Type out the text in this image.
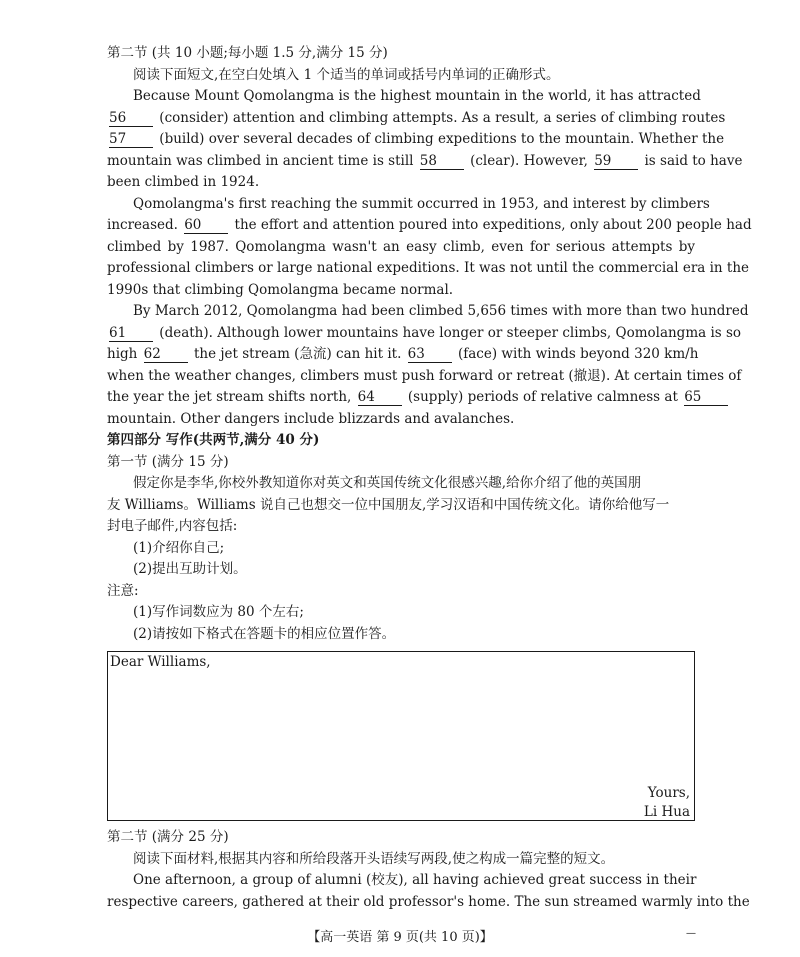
第二节 (共 10 小题;每小题 1.5 分,满分 15 分)
阅读下面短文,在空白处填入 1 个适当的单词或括号内单词的正确形式。
Because Mount Qomolangma is the highest mountain in the world, it has attracted
56 (consider) attention and climbing attempts. As a result, a series of climbing routes
57 (build) over several decades of climbing expeditions to the mountain. Whether the
mountain was climbed in ancient time is still 58 (clear). However, 59 is said to have
been climbed in 1924.
Qomolangma's first reaching the summit occurred in 1953, and interest by climbers
increased. 60 the effort and attention poured into expeditions, only about 200 people had
climbed by 1987. Qomolangma wasn't an easy climb, even for serious attempts by
professional climbers or large national expeditions. It was not until the commercial era in the
1990s that climbing Qomolangma became normal.
By March 2012, Qomolangma had been climbed 5,656 times with more than two hundred
61 (death). Although lower mountains have longer or steeper climbs, Qomolangma is so
high 62 the jet stream (急流) can hit it. 63 (face) with winds beyond 320 km/h
when the weather changes, climbers must push forward or retreat (撤退). At certain times of
the year the jet stream shifts north, 64 (supply) periods of relative calmness at 65
mountain. Other dangers include blizzards and avalanches.
第四部分 写作(共两节,满分 40 分)
第一节 (满分 15 分)
假定你是李华,你校外教知道你对英文和英国传统文化很感兴趣,给你介绍了他的英国朋
友 Williams。Williams 说自己也想交一位中国朋友,学习汉语和中国传统文化。请你给他写一
封电子邮件,内容包括:
(1)介绍你自己;
(2)提出互助计划。
注意:
(1)写作词数应为 80 个左右;
(2)请按如下格式在答题卡的相应位置作答。
Dear Williams,
Yours,
Li Hua
第二节 (满分 25 分)
阅读下面材料,根据其内容和所给段落开头语续写两段,使之构成一篇完整的短文。
One afternoon, a group of alumni (校友), all having achieved great success in their
respective careers, gathered at their old professor's home. The sun streamed warmly into the
【高一英语 第 9 页(共 10 页)】	—
